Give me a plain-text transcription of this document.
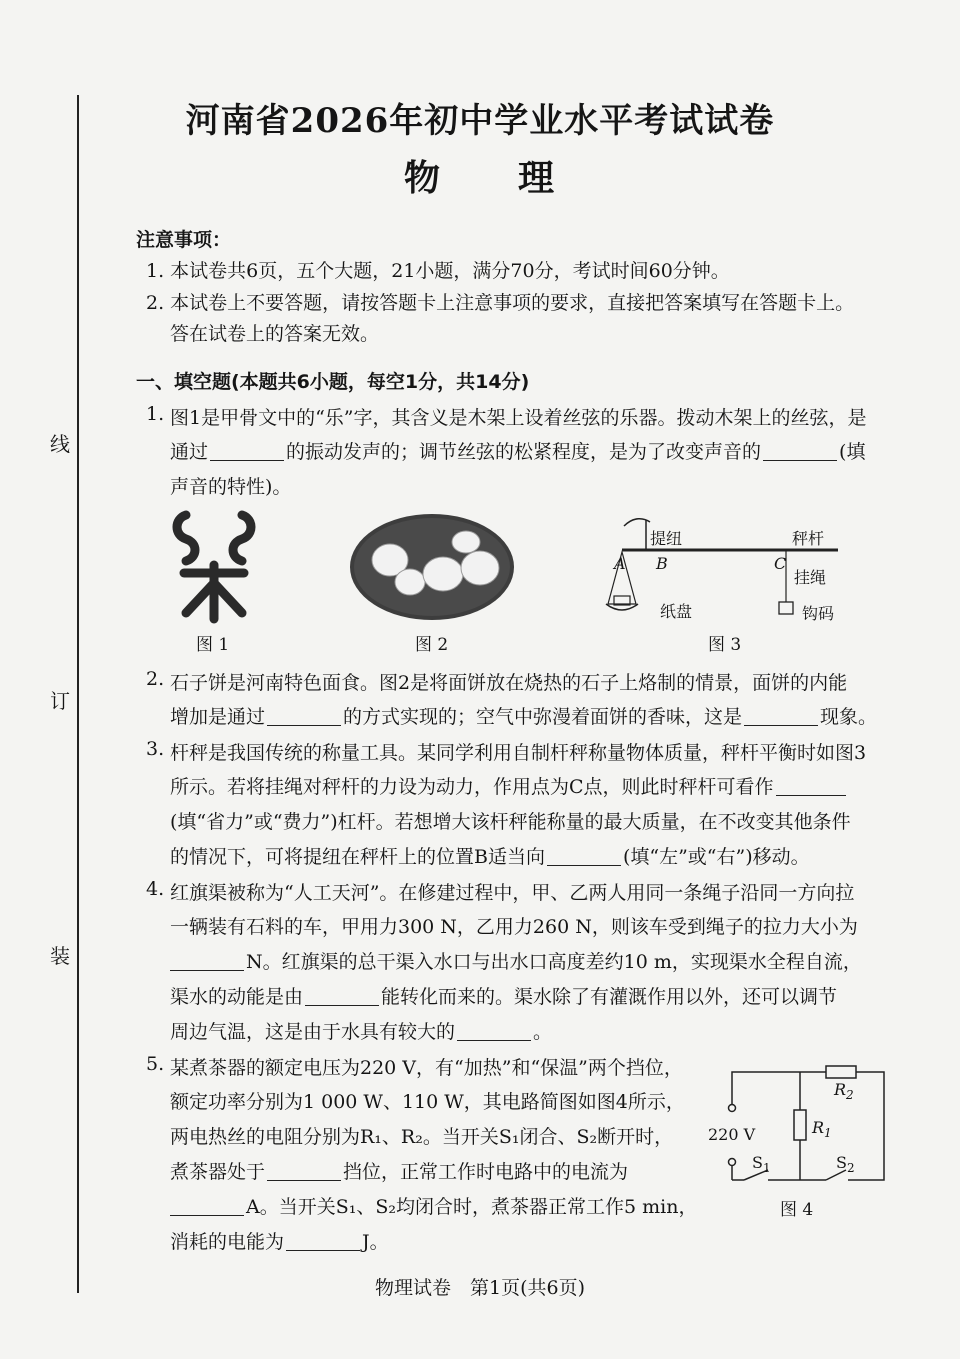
线
订
装
河南省2026年初中学业水平考试试卷
物　　理
注意事项：
1. 本试卷共6页，五个大题，21小题，满分70分，考试时间60分钟。
2. 本试卷上不要答题，请按答题卡上注意事项的要求，直接把答案填写在答题卡上。
答在试卷上的答案无效。
一、填空题(本题共6小题，每空1分，共14分)
1. 图1是甲骨文中的“乐”字，其含义是木架上设着丝弦的乐器。拨动木架上的丝弦，是
通过	的振动发声的；调节丝弦的松紧程度，是为了改变声音的	(填
声音的特性)。
图 1	图 2
提纽	秤杆
A B	C
挂绳
纸盘	钩码
图 3
2. 石子饼是河南特色面食。图2是将面饼放在烧热的石子上烙制的情景，面饼的内能
增加是通过	的方式实现的；空气中弥漫着面饼的香味，这是	现象。
3. 杆秤是我国传统的称量工具。某同学利用自制杆秤称量物体质量，秤杆平衡时如图3
所示。若将挂绳对秤杆的力设为动力，作用点为C点，则此时秤杆可看作
(填“省力”或“费力”)杠杆。若想增大该杆秤能称量的最大质量，在不改变其他条件
的情况下，可将提纽在秤杆上的位置B适当向	(填“左”或“右”)移动。
4. 红旗渠被称为“人工天河”。在修建过程中，甲、乙两人用同一条绳子沿同一方向拉
一辆装有石料的车，甲用力300 N，乙用力260 N，则该车受到绳子的拉力大小为
N。红旗渠的总干渠入水口与出水口高度差约10 m，实现渠水全程自流，
渠水的动能是由	能转化而来的。渠水除了有灌溉作用以外，还可以调节
周边气温，这是由于水具有较大的	。
5. 某煮茶器的额定电压为220 V，有“加热”和“保温”两个挡位，
额定功率分别为1 000 W、110 W，其电路简图如图4所示，
两电热丝的电阻分别为R₁、R₂。当开关S₁闭合、S₂断开时，
煮茶器处于	挡位，正常工作时电路中的电流为
A。当开关S₁、S₂均闭合时，煮茶器正常工作5 min，
消耗的电能为	J。
$R_2$
$R_1$
220 V
$S_1$	$S_2$
图 4
物理试卷　第1页(共6页)
